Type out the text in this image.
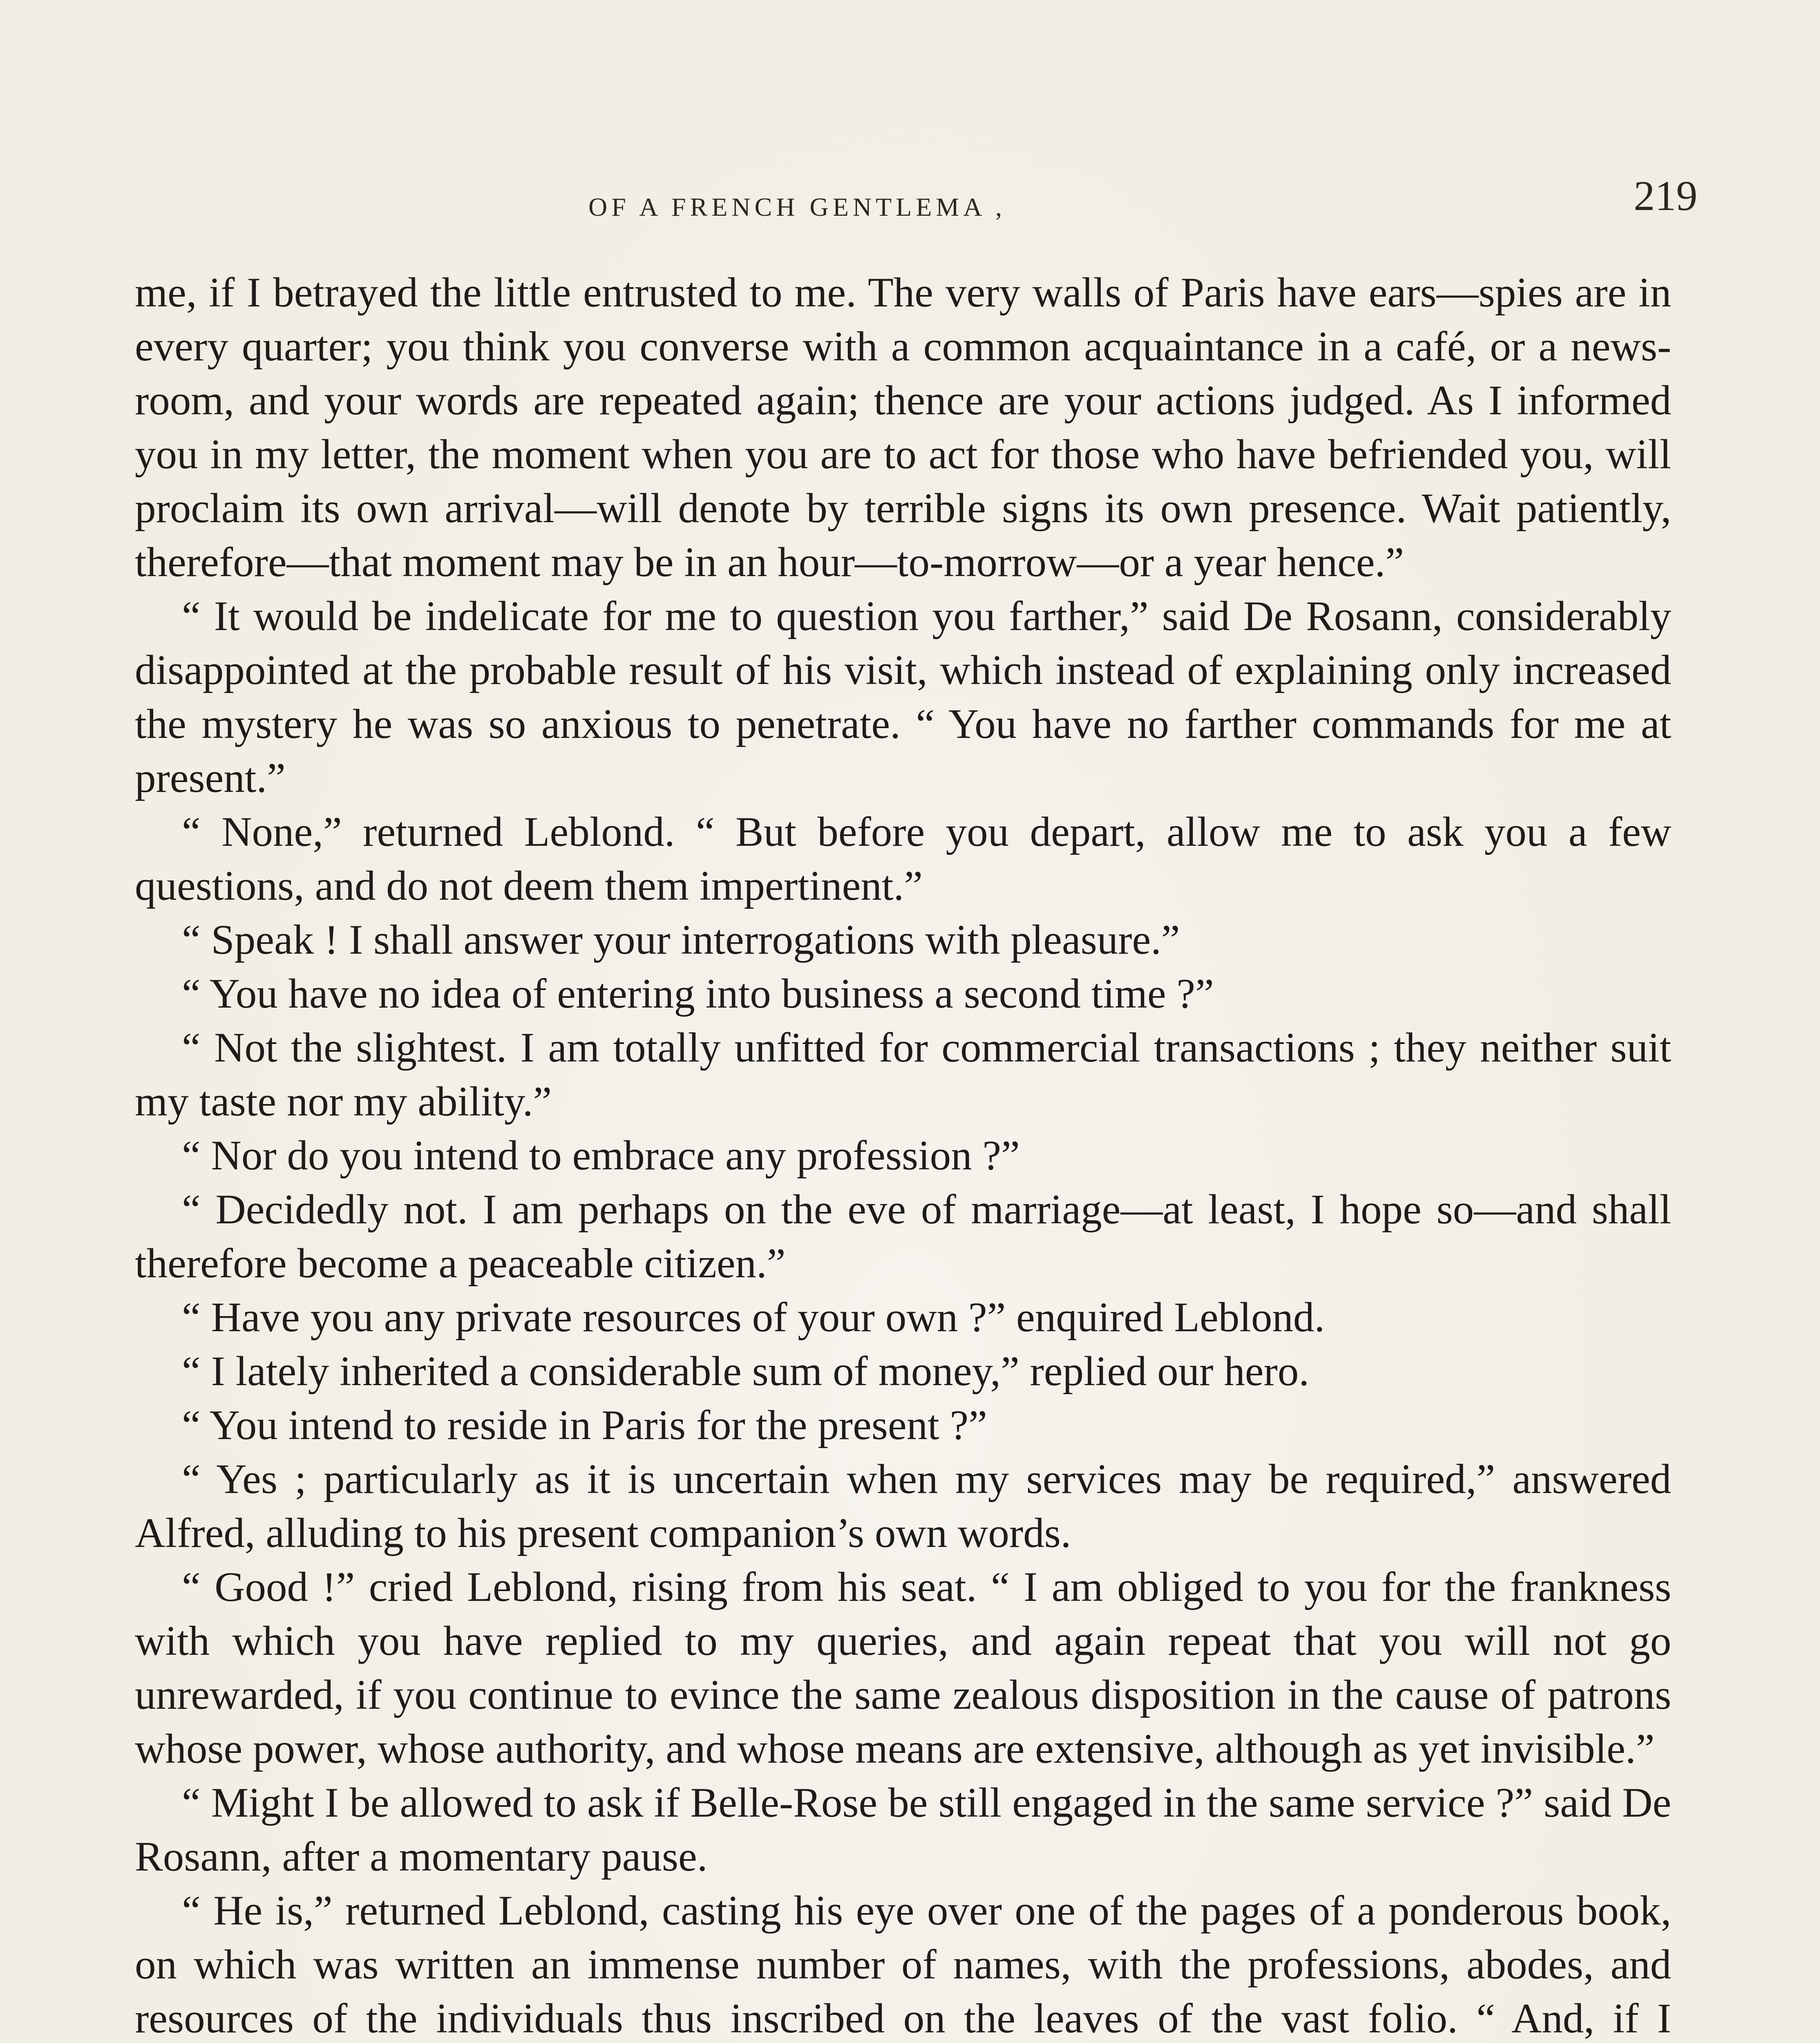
OF A FRENCH GENTLEMA ,	219

me, if I betrayed the little entrusted to me. The very walls of Paris have ears—spies are in every quarter; you think you converse with a common acquaintance in a café, or a news-room, and your words are repeated again; thence are your actions judged. As I informed you in my letter, the moment when you are to act for those who have befriended you, will proclaim its own arrival—will denote by terrible signs its own presence. Wait patiently, therefore—that moment may be in an hour—to-morrow—or a year hence.”

“ It would be indelicate for me to question you farther,” said De Rosann, considerably disappointed at the probable result of his visit, which instead of explaining only increased the mystery he was so anxious to penetrate. “ You have no farther commands for me at present.”

“ None,” returned Leblond. “ But before you depart, allow me to ask you a few questions, and do not deem them impertinent.”

“ Speak ! I shall answer your interrogations with pleasure.”

“ You have no idea of entering into business a second time ?”

“ Not the slightest. I am totally unfitted for commercial transactions ; they neither suit my taste nor my ability.”

“ Nor do you intend to embrace any profession ?”

“ Decidedly not. I am perhaps on the eve of marriage—at least, I hope so—and shall therefore become a peaceable citizen.”

“ Have you any private resources of your own ?” enquired Leblond.

“ I lately inherited a considerable sum of money,” replied our hero.

“ You intend to reside in Paris for the present ?”

“ Yes ; particularly as it is uncertain when my services may be required,” answered Alfred, alluding to his present companion’s own words.

“ Good !” cried Leblond, rising from his seat. “ I am obliged to you for the frankness with which you have replied to my queries, and again repeat that you will not go unrewarded, if you continue to evince the same zealous disposition in the cause of patrons whose power, whose authority, and whose means are extensive, although as yet invisible.”

“ Might I be allowed to ask if Belle-Rose be still engaged in the same service ?” said De Rosann, after a momentary pause.

“ He is,” returned Leblond, casting his eye over one of the pages of a ponderous book, on which was written an immense number of names, with the professions, abodes, and resources of the individuals thus inscribed on the leaves of the vast folio. “ And, if I
